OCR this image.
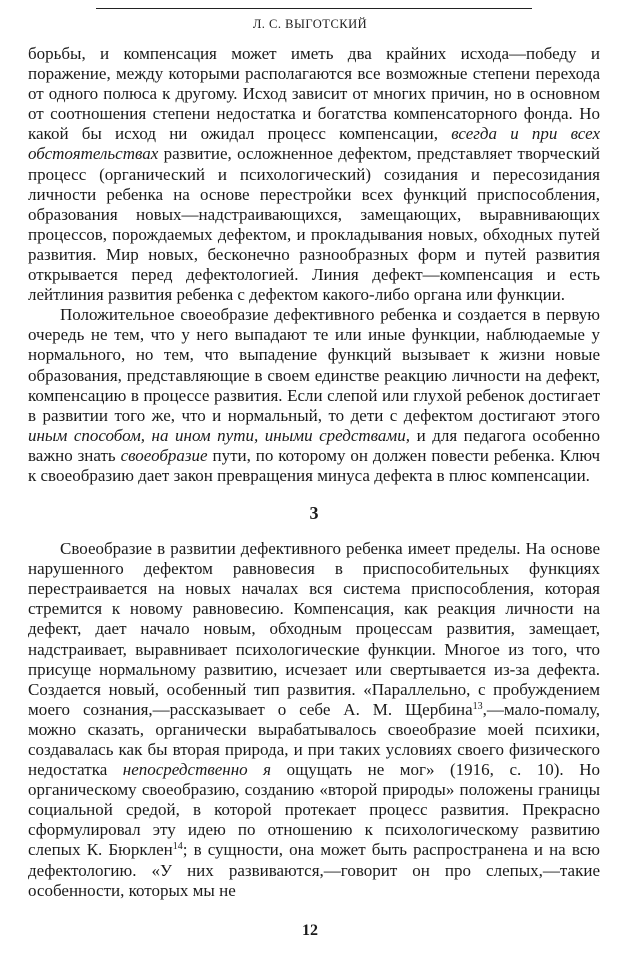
Л. С. ВЫГОТСКИЙ

борьбы, и компенсация может иметь два крайних исхода—победу и поражение, между которыми располагаются все возможные степени перехода от одного полюса к другому. Исход зависит от многих причин, но в основном от соотношения степени недостатка и богатства компенсаторного фонда. Но какой бы исход ни ожидал процесс компенсации, всегда и при всех обстоятельствах развитие, осложненное дефектом, представляет творческий процесс (органический и психологический) созидания и пересозидания личности ребенка на основе перестройки всех функций приспособления, образования новых—надстраивающихся, замещающих, выравнивающих процессов, порождаемых дефектом, и прокладывания новых, обходных путей развития. Мир новых, бесконечно разнообразных форм и путей развития открывается перед дефектологией. Линия дефект—компенсация и есть лейтлиния развития ребенка с дефектом какого-либо органа или функции.

Положительное своеобразие дефективного ребенка и создается в первую очередь не тем, что у него выпадают те или иные функции, наблюдаемые у нормального, но тем, что выпадение функций вызывает к жизни новые образования, представляющие в своем единстве реакцию личности на дефект, компенсацию в процессе развития. Если слепой или глухой ребенок достигает в развитии того же, что и нормальный, то дети с дефектом достигают этого иным способом, на ином пути, иными средствами, и для педагога особенно важно знать своеобразие пути, по которому он должен повести ребенка. Ключ к своеобразию дает закон превращения минуса дефекта в плюс компенсации.

3

Своеобразие в развитии дефективного ребенка имеет пределы. На основе нарушенного дефектом равновесия в приспособительных функциях перестраивается на новых началах вся система приспособления, которая стремится к новому равновесию. Компенсация, как реакция личности на дефект, дает начало новым, обходным процессам развития, замещает, надстраивает, выравнивает психологические функции. Многое из того, что присуще нормальному развитию, исчезает или свертывается из-за дефекта. Создается новый, особенный тип развития. «Параллельно, с пробуждением моего сознания,—рассказывает о себе А. М. Щербина$^{13}$,—мало-помалу, можно сказать, органически вырабатывалось своеобразие моей психики, создавалась как бы вторая природа, и при таких условиях своего физического недостатка непосредственно я ощущать не мог» (1916, с. 10). Но органическому своеобразию, созданию «второй природы» положены границы социальной средой, в которой протекает процесс развития. Прекрасно сформулировал эту идею по отношению к психологическому развитию слепых К. Бюрклен$^{14}$; в сущности, она может быть распространена и на всю дефектологию. «У них развиваются,—говорит он про слепых,—такие особенности, которых мы не

12
